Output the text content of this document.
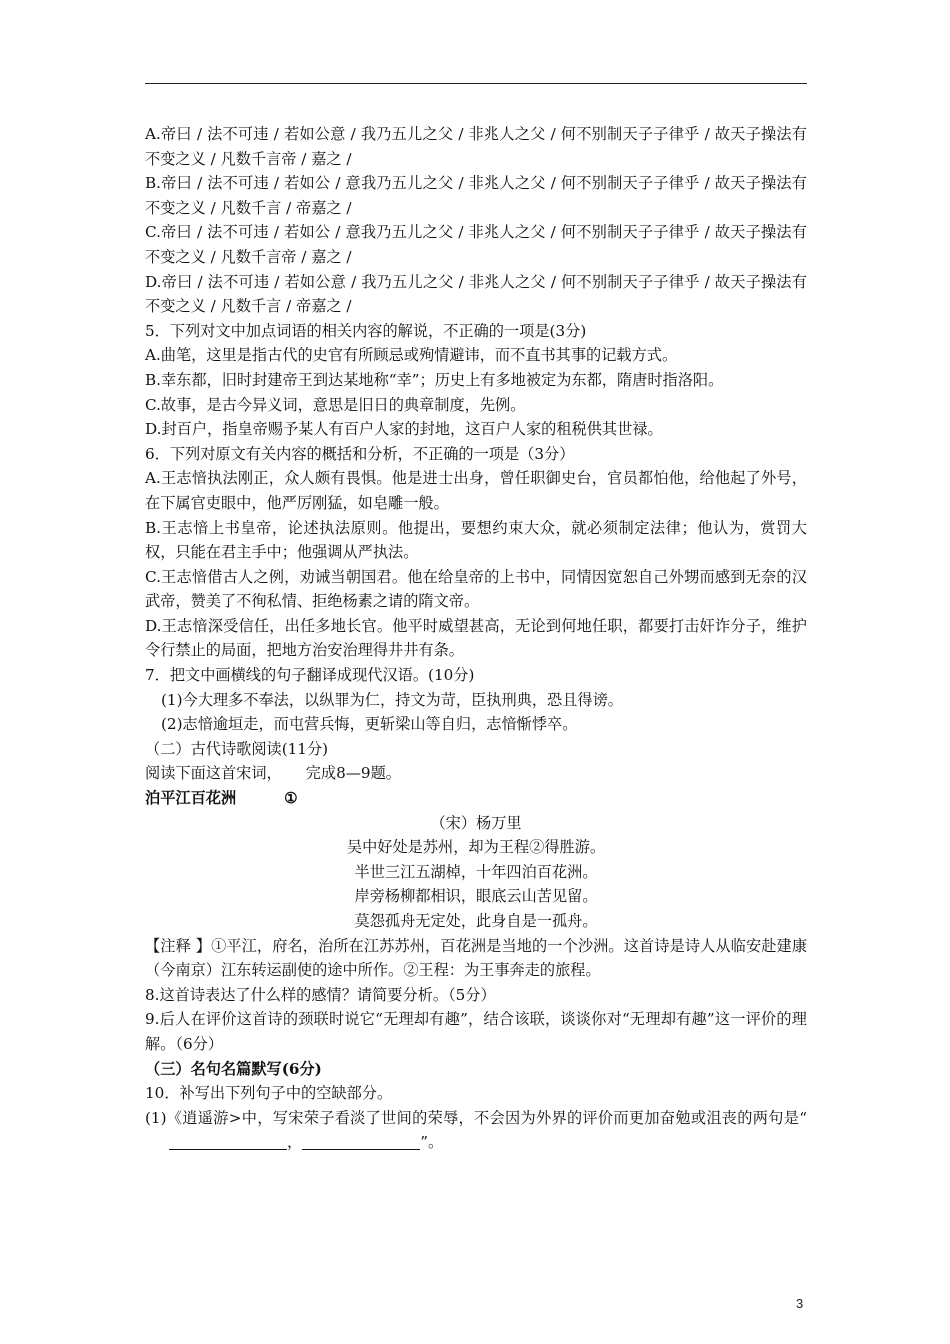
A.帝曰 / 法不可违 / 若如公意 / 我乃五儿之父 / 非兆人之父 / 何不别制天子子律乎 / 故天子操法有不变之义 / 凡数千言帝 / 嘉之 /

B.帝曰 / 法不可违 / 若如公 / 意我乃五儿之父 / 非兆人之父 / 何不别制天子子律乎 / 故天子操法有不变之义 / 凡数千言 / 帝嘉之 /

C.帝曰 / 法不可违 / 若如公 / 意我乃五儿之父 / 非兆人之父 / 何不别制天子子律乎 / 故天子操法有不变之义 / 凡数千言帝 / 嘉之 /

D.帝曰 / 法不可违 / 若如公意 / 我乃五儿之父 / 非兆人之父 / 何不别制天子子律乎 / 故天子操法有不变之义 / 凡数千言 / 帝嘉之 /

5．下列对文中加点词语的相关内容的解说，不正确的一项是(3分)

A.曲笔，这里是指古代的史官有所顾忌或殉情避讳，而不直书其事的记载方式。

B.幸东都，旧时封建帝王到达某地称“幸”；历史上有多地被定为东都，隋唐时指洛阳。

C.故事，是古今异义词，意思是旧日的典章制度，先例。

D.封百户，指皇帝赐予某人有百户人家的封地，这百户人家的租税供其世禄。

6．下列对原文有关内容的概括和分析，不正确的一项是（3分）

A.王志愔执法刚正，众人颇有畏惧。他是进士出身，曾任职御史台，官员都怕他，给他起了外号，在下属官吏眼中，他严厉刚猛，如皂雕一般。

B.王志愔上书皇帝，论述执法原则。他提出，要想约束大众，就必须制定法律；他认为，赏罚大权，只能在君主手中；他强调从严执法。

C.王志愔借古人之例，劝诫当朝国君。他在给皇帝的上书中，同情因宽恕自己外甥而感到无奈的汉武帝，赞美了不徇私情、拒绝杨素之请的隋文帝。

D.王志愔深受信任，出任多地长官。他平时威望甚高，无论到何地任职，都要打击奸诈分子，维护令行禁止的局面，把地方治安治理得井井有条。

7．把文中画横线的句子翻译成现代汉语。(10分)

(1)今大理多不奉法，以纵罪为仁，持文为苛，臣执刑典，恐且得谤。

(2)志愔逾垣走，而屯营兵悔，更斩梁山等自归，志愔惭悸卒。

（二）古代诗歌阅读(11分)

阅读下面这首宋词， 完成8—9题。

泊平江百花洲	①

（宋）杨万里

吴中好处是苏州，却为王程②得胜游。

半世三江五湖棹，十年四泊百花洲。

岸旁杨柳都相识，眼底云山苦见留。

莫怨孤舟无定处，此身自是一孤舟。

【注释 】①平江，府名，治所在江苏苏州，百花洲是当地的一个沙洲。这首诗是诗人从临安赴建康（今南京）江东转运副使的途中所作。②王程：为王事奔走的旅程。

8.这首诗表达了什么样的感情？请简要分析。（5分）

9.后人在评价这首诗的颈联时说它“无理却有趣”，结合该联，谈谈你对“无理却有趣”这一评价的理解。（6分）

（三）名句名篇默写(6分)

10．补写出下列句子中的空缺部分。

(1)《逍遥游>中，写宋荣子看淡了世间的荣辱，不会因为外界的评价而更加奋勉或沮丧的两句是“，	”。

3
